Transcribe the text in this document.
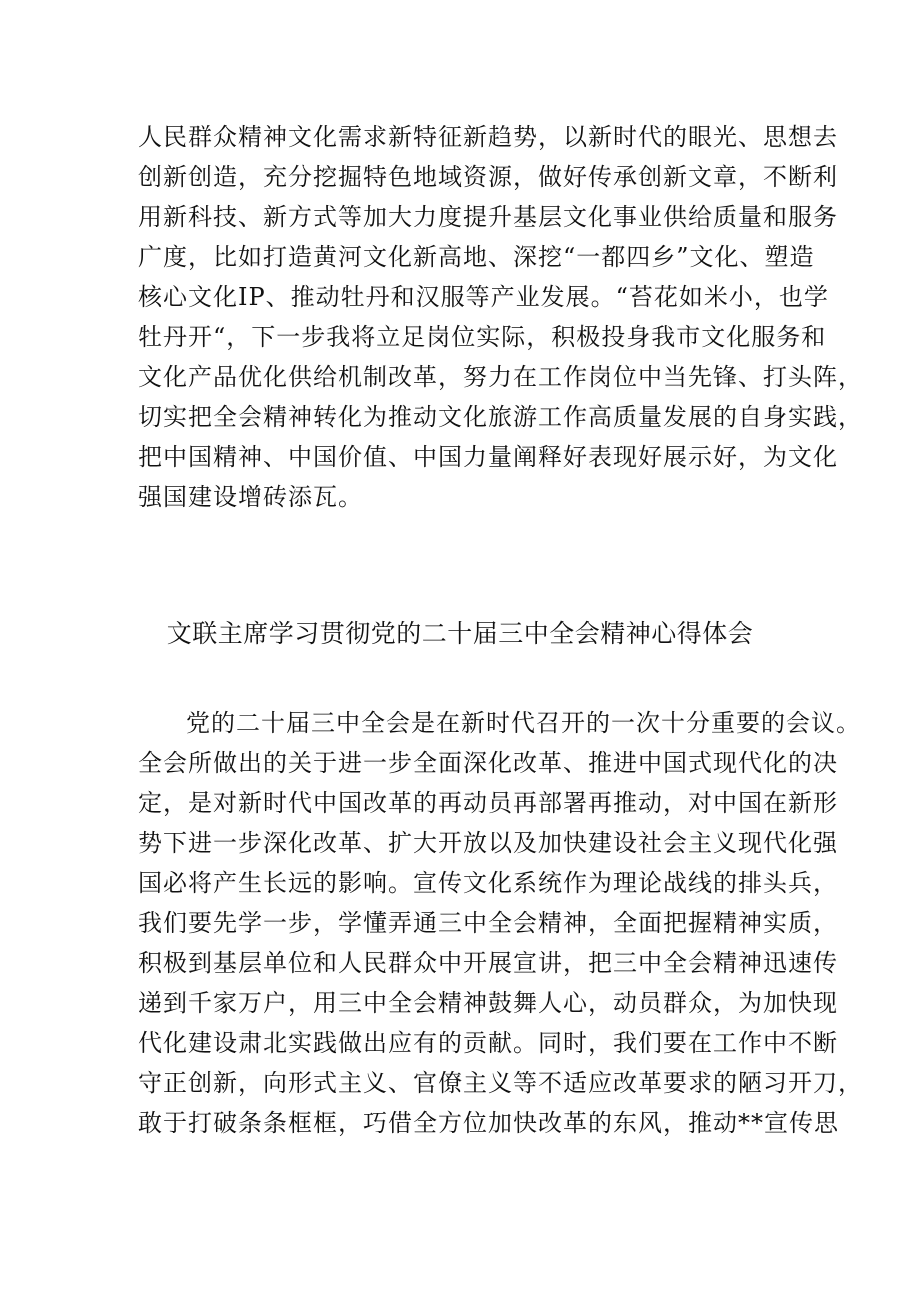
人民群众精神文化需求新特征新趋势，以新时代的眼光、思想去
创新创造，充分挖掘特色地域资源，做好传承创新文章，不断利
用新科技、新方式等加大力度提升基层文化事业供给质量和服务
广度，比如打造黄河文化新高地、深挖“一都四乡”文化、塑造
核心文化IP、推动牡丹和汉服等产业发展。“苔花如米小，也学
牡丹开“，下一步我将立足岗位实际，积极投身我市文化服务和
文化产品优化供给机制改革，努力在工作岗位中当先锋、打头阵，
切实把全会精神转化为推动文化旅游工作高质量发展的自身实践，
把中国精神、中国价值、中国力量阐释好表现好展示好，为文化
强国建设增砖添瓦。
文联主席学习贯彻党的二十届三中全会精神心得体会
党的二十届三中全会是在新时代召开的一次十分重要的会议。
全会所做出的关于进一步全面深化改革、推进中国式现代化的决
定，是对新时代中国改革的再动员再部署再推动，对中国在新形
势下进一步深化改革、扩大开放以及加快建设社会主义现代化强
国必将产生长远的影响。宣传文化系统作为理论战线的排头兵，
我们要先学一步，学懂弄通三中全会精神，全面把握精神实质，
积极到基层单位和人民群众中开展宣讲，把三中全会精神迅速传
递到千家万户，用三中全会精神鼓舞人心，动员群众，为加快现
代化建设肃北实践做出应有的贡献。同时，我们要在工作中不断
守正创新，向形式主义、官僚主义等不适应改革要求的陋习开刀，
敢于打破条条框框，巧借全方位加快改革的东风，推动**宣传思
